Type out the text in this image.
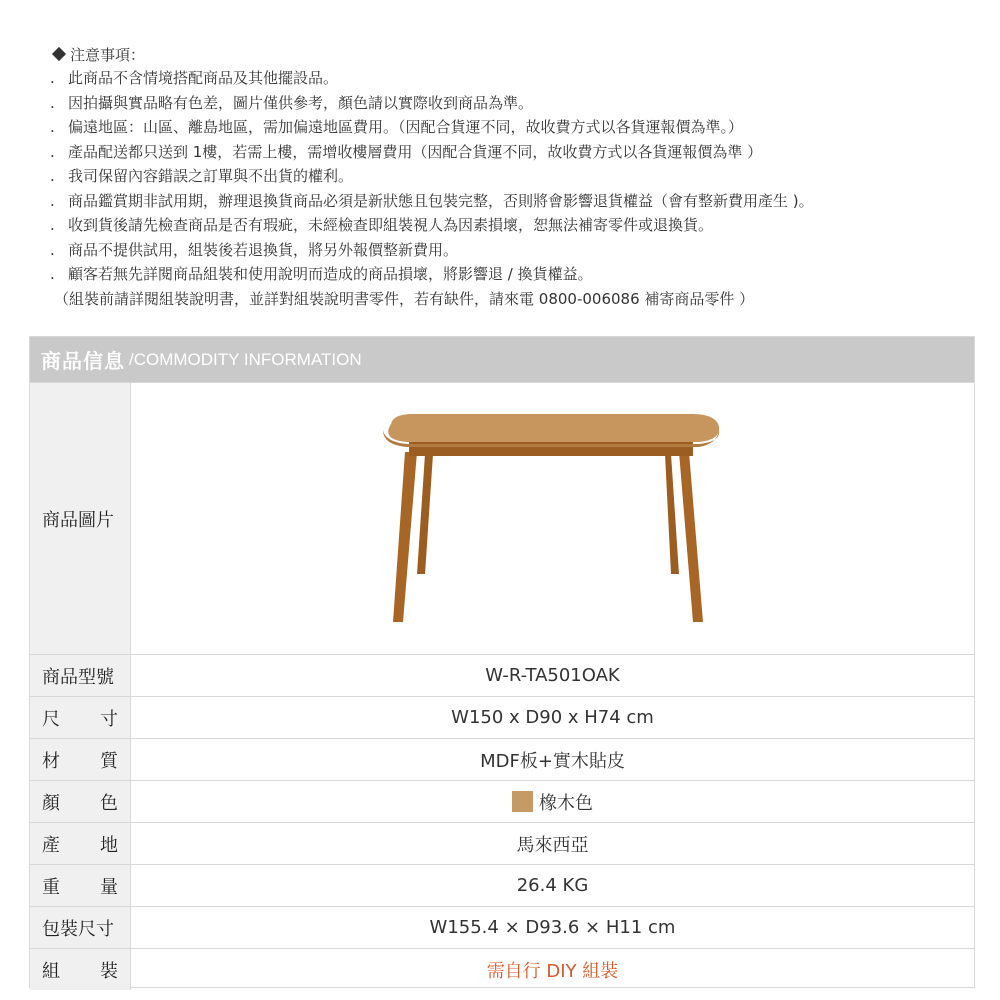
注意事項：
. 此商品不含情境搭配商品及其他擺設品。
. 因拍攝與實品略有色差，圖片僅供參考，顏色請以實際收到商品為準。
. 偏遠地區：山區、離島地區，需加偏遠地區費用。（因配合貨運不同，故收費方式以各貨運報價為準。）
. 產品配送都只送到 1樓，若需上樓，需增收樓層費用（因配合貨運不同，故收費方式以各貨運報價為準 ）
. 我司保留內容錯誤之訂單與不出貨的權利。
. 商品鑑賞期非試用期，辦理退換貨商品必須是新狀態且包裝完整，否則將會影響退貨權益（會有整新費用產生 )。
. 收到貨後請先檢查商品是否有瑕疵，未經檢查即組裝視人為因素損壞，恕無法補寄零件或退換貨。
. 商品不提供試用，組裝後若退換貨，將另外報價整新費用。
. 顧客若無先詳閱商品組裝和使用說明而造成的商品損壞，將影響退 / 換貨權益。
（組裝前請詳閱組裝說明書，並詳對組裝說明書零件，若有缺件，請來電 0800-006086 補寄商品零件 ）
商品信息 /COMMODITY INFORMATION
商品圖片
商品型號	W-R-TA501OAK
尺 寸	W150 x D90 x H74 cm
材 質	MDF板+實木貼皮
顏 色	橡木色
產 地	馬來西亞
重 量	26.4 KG
包裝尺寸	W155.4 × D93.6 × H11 cm
組 裝	需自行 DIY 組裝
